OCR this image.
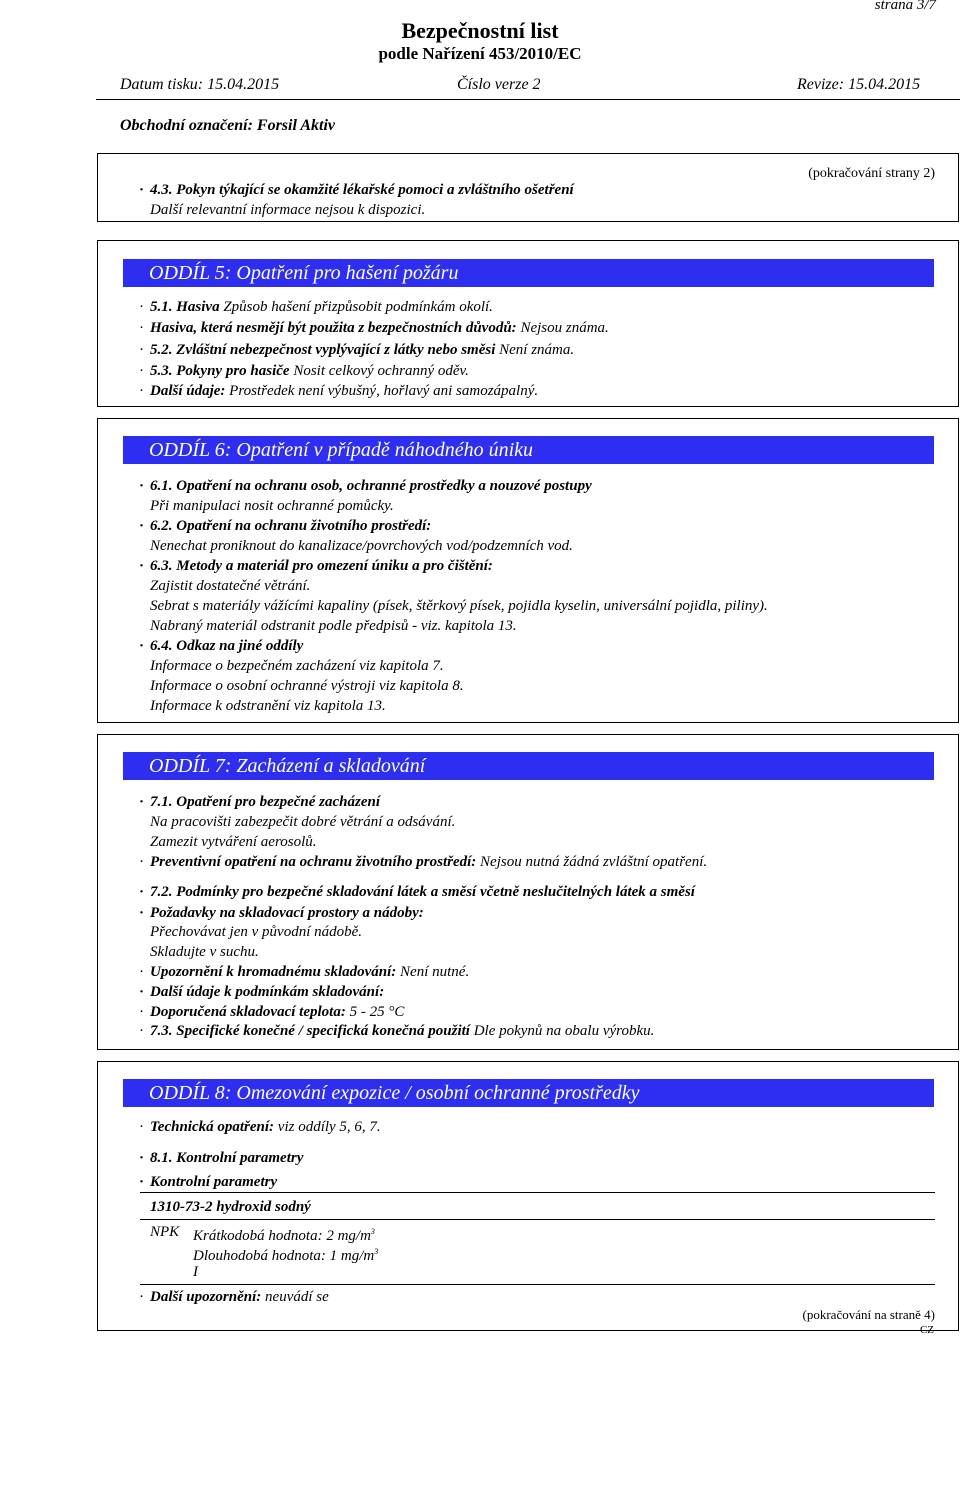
strana 3/7
Bezpečnostní list
podle Nařízení 453/2010/EC
Datum tisku: 15.04.2015	Číslo verze 2	Revize: 15.04.2015
Obchodní označení: Forsil Aktiv
(pokračování strany 2)
· 4.3. Pokyn týkající se okamžité lékařské pomoci a zvláštního ošetření
Další relevantní informace nejsou k dispozici.
ODDÍL 5: Opatření pro hašení požáru
· 5.1. Hasiva Způsob hašení přizpůsobit podmínkám okolí.
· Hasiva, která nesmějí být použita z bezpečnostních důvodů: Nejsou známa.
· 5.2. Zvláštní nebezpečnost vyplývající z látky nebo směsi Není známa.
· 5.3. Pokyny pro hasiče Nosit celkový ochranný oděv.
· Další údaje: Prostředek není výbušný, hořlavý ani samozápalný.
ODDÍL 6: Opatření v případě náhodného úniku
· 6.1. Opatření na ochranu osob, ochranné prostředky a nouzové postupy
Při manipulaci nosit ochranné pomůcky.
· 6.2. Opatření na ochranu životního prostředí:
Nenechat proniknout do kanalizace/povrchových vod/podzemních vod.
· 6.3. Metody a materiál pro omezení úniku a pro čištění:
Zajistit dostatečné větrání.
Sebrat s materiály vážícími kapaliny (písek, štěrkový písek, pojidla kyselin, universální pojidla, piliny).
Nabraný materiál odstranit podle předpisů - viz. kapitola 13.
· 6.4. Odkaz na jiné oddíly
Informace o bezpečném zacházení viz kapitola 7.
Informace o osobní ochranné výstroji viz kapitola 8.
Informace k odstranění viz kapitola 13.
ODDÍL 7: Zacházení a skladování
· 7.1. Opatření pro bezpečné zacházení
Na pracovišti zabezpečit dobré větrání a odsávání.
Zamezit vytváření aerosolů.
· Preventivní opatření na ochranu životního prostředí: Nejsou nutná žádná zvláštní opatření.
· 7.2. Podmínky pro bezpečné skladování látek a směsí včetně neslučitelných látek a směsí
· Požadavky na skladovací prostory a nádoby:
Přechovávat jen v původní nádobě.
Skladujte v suchu.
· Upozornění k hromadnému skladování: Není nutné.
· Další údaje k podmínkám skladování:
· Doporučená skladovací teplota: 5 - 25 °C
· 7.3. Specifické konečné / specifická konečná použití Dle pokynů na obalu výrobku.
ODDÍL 8: Omezování expozice / osobní ochranné prostředky
· Technická opatření: viz oddíly 5, 6, 7.
· 8.1. Kontrolní parametry
· Kontrolní parametry
1310-73-2 hydroxid sodný
NPK Krátkodobá hodnota: 2 $mg/m^3$
Dlouhodobá hodnota: 1 $mg/m^3$
I
· Další upozornění: neuvádí se
(pokračování na straně 4)
CZ
